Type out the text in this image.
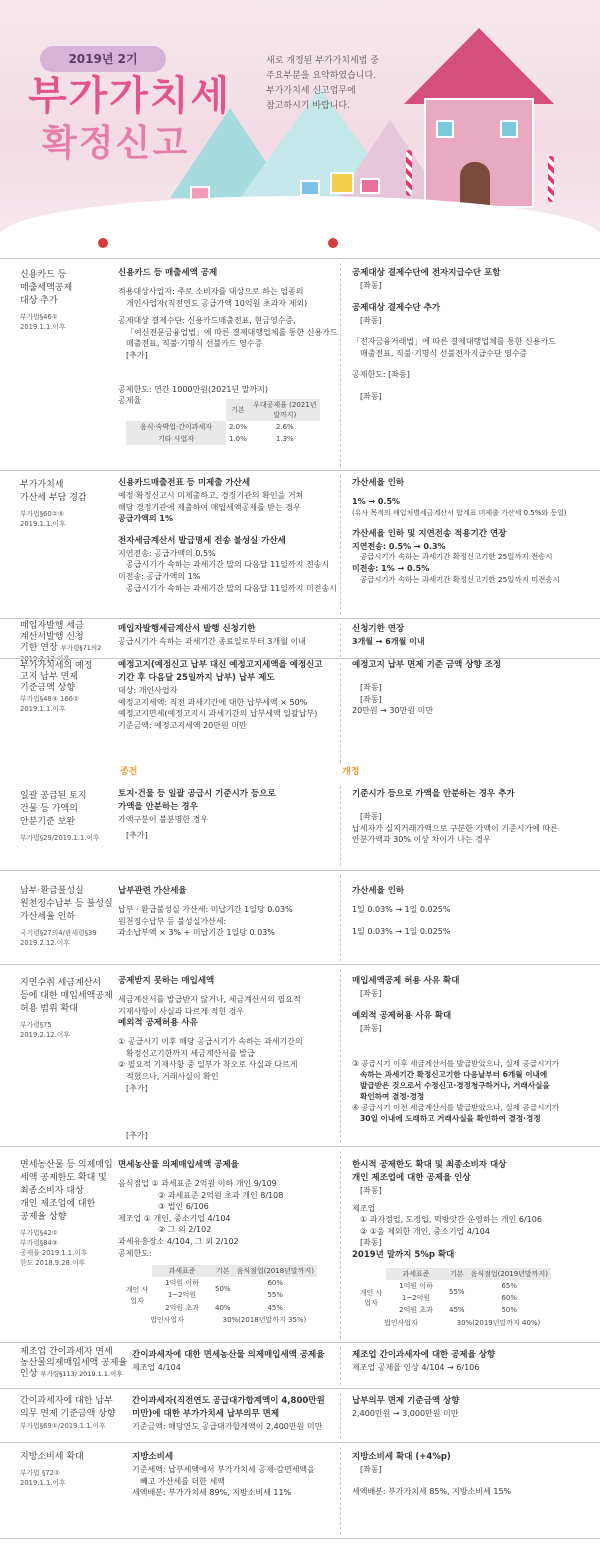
2019년 2기
부가가치세
확정신고
새로 개정된 부가가치세법 중
주요부분을 요약하였습니다.
부가가치세 신고업무에
참고하시기 바랍니다.
신용카드 등
매출세액공제
대상 추가
부가법§46①
2019.1.1.이후
신용카드 등 매출세액 공제
적용대상사업자: 주로 소비자를 대상으로 하는 업종의
개인사업자(직전연도 공급가액 10억원 초과자 제외)
공제대상 결제수단: 신용카드매출전표, 현금영수증,
「여신전문금융업법」에 따른 결제대행업체를 통한 신용카드
매출전표, 직불·기명식 선불카드 영수증
[추가]
공제한도: 연간 1000만원(2021년 말까지)
공제율
	기본	우대공제율 (2021년말까지)
음식·숙박업·간이과세자	2.0%	2.6%
기타 사업자	1.0%	1.3%
공제대상 결제수단에 전자지급수단 포함
[좌동]
공제대상 결제수단 추가
[좌동]
「전자금융거래법」에 따른 결제대행업체를 통한 신용카드
매출전표, 직불·기명식 선불전자지급수단 영수증
공제한도: [좌동]
[좌동]
부가가치세
가산세 부담 경감
부가법§60②⑤
2019.1.1.이후
신용카드매출전표 등 미제출 가산세
예정·확정신고시 미제출하고, 경정기관의 확인을 거쳐
해당 경정기관에 제출하여 매입세액공제를 받는 경우
공급가액의 1%
전자세금계산서 발급명세 전송 불성실 가산세
지연전송: 공급가액의 0.5%
공급시기가 속하는 과세기간 말의 다음달 11일까지 전송시
미전송: 공급가액의 1%
공급시기가 속하는 과세기간 말의 다음달 11일까지 미전송시
가산세율 인하
1% → 0.5%
(유사 목적의 매입처별세금계산서 합계표 미제출 가산세 0.5%와 동일)
가산세율 인하 및 지연전송 적용기간 연장
지연전송: 0.5% → 0.3%
공급시기가 속하는 과세기간 확정신고기한 25일까지 전송시
미전송: 1% → 0.5%
공급시기가 속하는 과세기간 확정신고기한 25일까지 미전송시
매입자발행 세금
계산서발행 신청
기한 연장 부가령§71의2
2019.2.12.이후
매입자발행세금계산서 발행 신청기한
공급시기가 속하는 과세기간 종료일로부터 3개월 이내
신청기한 연장
3개월 → 6개월 이내
부가가치세의 예정
고지 납부 면제
기준금액 상향
부가법§48③ 166①
2019.1.1.이후
예정고지(예정신고 납부 대신 예정고지세액을 예정신고
기간 후 다음달 25일까지 납부) 납부 제도
대상: 개인사업자
예정고지세액: 직전 과세기간에 대한 납부세액 × 50%
예정고지면제(예정고지시 과세기간의 납부세액 일괄납부)
기준금액: 예정고지세액 20만원 미만
예정고지 납부 면제 기준 금액 상향 조정
[좌동]
[좌동]
20만원 → 30만원 미만
종전	개정
일괄 공급된 토지
건물 등 가액의
안분기준 보완
부가법§29/2019.1.1.이후
토지·건물 등 일괄 공급시 기준시가 등으로
가액을 안분하는 경우
가액구분이 불분명한 경우
[추가]
기준시가 등으로 가액을 안분하는 경우 추가
[좌동]
납세자가 실지거래가액으로 구분한 가액이 기준시가에 따른
안분가액과 30% 이상 차이가 나는 경우
납부·환급불성실
원천징수납부 등 불성실
가산세율 인하
국기령§27의4/관세령§39
2019.2.12.이후
납부관련 가산세율
납부 · 환급불성실 가산세: 미납기간 1일당 0.03%
원천징수납부 등 불성실가산세:
과소납부액 × 3% + 미납기간 1일당 0.03%
가산세율 인하
1일 0.03% → 1일 0.025%
1일 0.03% → 1일 0.025%
지연수취 세금계산서
등에 대한 매입세액공제
허용 범위 확대
부가령§75
2019.2.12.이후
공제받지 못하는 매입세액
세금계산서를 발급받지 않거나, 세금계산서의 필요적
기재사항이 사실과 다르게 적힌 경우
예외적 공제허용 사유
① 공급시기 이후 해당 공급시기가 속하는 과세기간의
확정신고기한까지 세금계산서를 발급
② 필요적 기재사항 중 일부가 착오로 사실과 다르게
적혔으나, 거래사실이 확인
[추가]
[추가]
매입세액공제 허용 사유 확대
[좌동]
예외적 공제허용 사유 확대
[좌동]
③ 공급시기 이후 세금계산서를 발급받았으나, 실제 공급시기가
속하는 과세기간 확정신고기한 다음날부터 6개월 이내에
발급받은 것으로서 수정신고·경정청구하거나, 거래사실을
확인하여 결정·경정
④ 공급시기 이전 세금계산서를 발급받았으나, 실제 공급시기가
30일 이내에 도래하고 거래사실을 확인하여 결정·경정
면세농산물 등 의제매입
세액 공제한도 확대 및
최종소비자 대상
개인 제조업에 대한
공제율 상향
부가법§42①
부가령§84③
공제율 2019.1.1.이후
한도 2018.9.28.이후
면세농산물 의제매입세액 공제율
음식점업 ① 과세표준 2억원 이하 개인 9/109
② 과세표준 2억원 초과 개인 8/108
③ 법인 6/106
제조업 ① 개인, 중소기업 4/104
② 그 외 2/102
과세유흥장소 4/104, 그 외 2/102
공제한도:
	과세표준	기본	음식점업(2018년말까지)
개인 사업자	1억원 이하	50%	60%
	1~2억원		55%
	2억원 초과	40%	45%
법인사업자		30%(2018년말까지 35%)	
한시적 공제한도 확대 및 최종소비자 대상
개인 제조업에 대한 공제율 인상
[좌동]
제조업
① 과자점업, 도정업, 떡방앗간 운영하는 개인 6/106
② ①을 제외한 개인, 중소기업 4/104
[좌동]
2019년 말까지 5%p 확대
	과세표준	기본	음식점업(2019년말까지)
개인 사업자	1억원 이하	55%	65%
	1~2억원		60%
	2억원 초과	45%	50%
법인사업자		30%(2019년말까지 40%)	
제조업 간이과세자 면세
농산물의제매입세액 공제율
인상 부가령§113/ 2019.1.1.이후
간이과세자에 대한 면세농산물 의제매입세액 공제율
제조업 4/104
제조업 간이과세자에 대한 공제율 상향
제조업 공제율 인상 4/104 → 6/106
간이과세자에 대한 납부
의무 면제 기준금액 상향
부가법§69①/2019.1.1.이후
간이과세자(직전연도 공급대가합계액이 4,800만원
미만)에 대한 부가가치세 납부의무 면제
기준금액: 해당연도 공급대가합계액이 2,400만원 미만
납부의무 면제 기준금액 상향
2,400만원 → 3,000만원 미만
지방소비세 확대
부가법 §72①
2019.1.1.이후
지방소비세
기준세액: 납부세액에서 부가가치세 공제·감면세액을
빼고 가산세를 더한 세액
세액배분: 부가가치세 89%, 지방소비세 11%
지방소비세 확대 (+4%p)
[좌동]
세액배분: 부가가치세 85%, 지방소비세 15%
